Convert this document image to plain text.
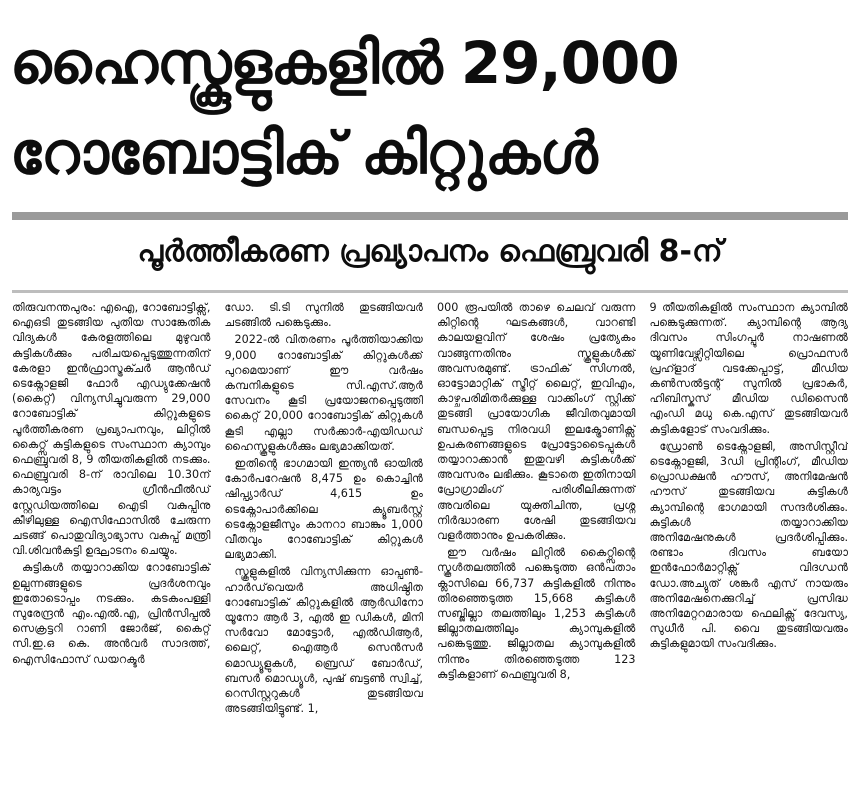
ഹൈസ്കൂളുകളിൽ 29,000
റോബോട്ടിക് കിറ്റുകൾ
പൂർത്തീകരണ പ്രഖ്യാപനം ഫെബ്രുവരി 8-ന്

തിരുവനന്തപുരം: എഐ, റോബോട്ടിക്സ്, ഐഒടി തുടങ്ങിയ പുതിയ സാങ്കേതിക വിദ്യകൾ കേരളത്തിലെ മുഴുവൻ കുട്ടികൾക്കും പരിചയപ്പെടുത്തുന്നതിന് കേരളാ ഇൻഫ്രാസ്ട്രക്ചർ ആൻഡ് ടെക്നോളജി ഫോർ എഡ്യുക്കേഷൻ (കൈറ്റ്) വിന്യസിച്ചുവരുന്ന 29,000 റോബോട്ടിക് കിറ്റുകളുടെ പൂർത്തീകരണ പ്രഖ്യാപനവും, ലിറ്റിൽ കൈറ്റ്സ് കുട്ടികളുടെ സംസ്ഥാന ക്യാമ്പും ഫെബ്രുവരി 8, 9 തീയതികളിൽ നടക്കും. ഫെബ്രുവരി 8-ന് രാവിലെ 10.30ന് കാര്യവട്ടം ഗ്രീൻഫീൽഡ് സ്റ്റേഡിയത്തിലെ ഐടി വകുപ്പിനു കീഴിലുള്ള ഐസിഫോസിൽ ചേരുന്ന ചടങ്ങ് പൊതുവിദ്യാഭ്യാസ വകുപ്പ് മന്ത്രി വി.ശിവൻകുട്ടി ഉദ്ഘാടനം ചെയ്യും.

കുട്ടികൾ തയ്യാറാക്കിയ റോബോട്ടിക് ഉല്പന്നങ്ങളുടെ പ്രദർശനവും ഇതോടൊപ്പം നടക്കും. കടകംപള്ളി സുരേന്ദ്രൻ എം.എൽ.എ, പ്രിൻസിപ്പൽ സെക്രട്ടറി റാണി ജോർജ്, കൈറ്റ് സി.ഇ.ഒ കെ. അൻവർ സാദത്ത്, ഐസിഫോസ് ഡയറക്ടർ

ഡോ. ടി.ടി സുനിൽ തുടങ്ങിയവർ ചടങ്ങിൽ പങ്കെടുക്കും.

2022-ൽ വിതരണം പൂർത്തിയാക്കിയ 9,000 റോബോട്ടിക് കിറ്റുകൾക്ക് പുറമെയാണ് ഈ വർഷം കമ്പനികളുടെ സി.എസ്.ആർ സേവനം കൂടി പ്രയോജനപ്പെടുത്തി കൈറ്റ് 20,000 റോബോട്ടിക് കിറ്റുകൾ കൂടി എല്ലാ സർക്കാർ-എയിഡഡ് ഹൈസ്കൂളുകൾക്കും ലഭ്യമാക്കിയത്.

ഇതിന്റെ ഭാഗമായി ഇന്ത്യൻ ഓയിൽ കോർപറേഷൻ 8,475 ഉം കൊച്ചിൻ ഷിപ്പ്യാർഡ് 4,615 ഉം ടെക്നോപാർക്കിലെ ക്യൂബർസ്റ്റ് ടെക്നോളജീസും കാനറാ ബാങ്കും 1,000 വീതവും റോബോട്ടിക് കിറ്റുകൾ ലഭ്യമാക്കി.

സ്കൂളുകളിൽ വിന്യസിക്കുന്ന ഓപ്പൺ- ഹാർഡ്‌വെയർ അധിഷ്ഠിത റോബോട്ടിക് കിറ്റുകളിൽ ആർഡിനോ യൂനോ ആർ 3, എൽ ഇ ഡികൾ, മിനി സർവോ മോട്ടോർ, എൽഡിആർ, ലൈറ്റ്, ഐആർ സെൻസർ മൊഡ്യൂളുകൾ, ബ്രെഡ് ബോർഡ്, ബസർ മൊഡ്യൂൾ, പുഷ് ബട്ടൺ സ്വിച്ച്, റെസിസ്റ്ററുകൾ തുടങ്ങിയവ അടങ്ങിയിട്ടുണ്ട്. 1,

000 രൂപയിൽ താഴെ ചെലവ് വരുന്ന കിറ്റിന്റെ ഘടകങ്ങൾ, വാറണ്ടി കാലയളവിന് ശേഷം പ്രത്യേകം വാങ്ങുന്നതിനും സ്കൂളുകൾക്ക് അവസരമുണ്ട്. ട്രാഫിക് സിഗ്നൽ, ഓട്ടോമാറ്റിക് സ്ട്രീറ്റ് ലൈറ്റ്, ഇവിഎം, കാഴ്ചപരിമിതർക്കുള്ള വാക്കിംഗ് സ്റ്റിക്ക് തുടങ്ങി പ്രായോഗിക ജീവിതവുമായി ബന്ധപ്പെട്ട നിരവധി ഇലക്ട്രോണിക്സ് ഉപകരണങ്ങളുടെ പ്രോട്ടോടൈപ്പുകൾ തയ്യാറാക്കാൻ ഇതുവഴി കുട്ടികൾക്ക് അവസരം ലഭിക്കും. കൂടാതെ ഇതിനായി പ്രോഗ്രാമിംഗ് പരിശീലിക്കുന്നത് അവരിലെ യുക്തിചിന്ത, പ്രശ്ന നിർദ്ധാരണ ശേഷി തുടങ്ങിയവ വളർത്താനും ഉപകരിക്കും.

ഈ വർഷം ലിറ്റിൽ കൈറ്റ്സിന്റെ സ്കൂൾതലത്തിൽ പങ്കെടുത്ത ഒൻപതാം ക്ലാസിലെ 66,737 കുട്ടികളിൽ നിന്നും തിരഞ്ഞെടുത്ത 15,668 കുട്ടികൾ സബ്ജില്ലാ തലത്തിലും 1,253 കുട്ടികൾ ജില്ലാതലത്തിലും ക്യാമ്പുകളിൽ പങ്കെടുത്തു. ജില്ലാതല ക്യാമ്പുകളിൽ നിന്നും തിരഞ്ഞെടുത്ത 123 കുട്ടികളാണ് ഫെബ്രുവരി 8,

9 തീയതികളിൽ സംസ്ഥാന ക്യാമ്പിൽ പങ്കെടുക്കുന്നത്. ക്യാമ്പിന്റെ ആദ്യ ദിവസം സിംഗപ്പൂർ നാഷണൽ യൂണിവേഴ്സിറ്റിയിലെ പ്രൊഫസർ പ്രഹ്ളാദ് വടക്കേപ്പാട്ട്, മീഡിയ കൺസൽട്ടന്റ് സുനിൽ പ്രഭാകർ, ഹിബിസ്കസ് മീഡിയ ഡിസൈൻ എംഡി മധു കെ.എസ് തുടങ്ങിയവർ കുട്ടികളോട് സംവദിക്കും.

ഡ്രോൺ ടെക്നോളജി, അസിസ്റ്റീവ് ടെക്നോളജി, 3ഡി പ്രിന്റിംഗ്, മീഡിയ പ്രൊഡക്ഷൻ ഹൗസ്, അനിമേഷൻ ഹൗസ് തുടങ്ങിയവ കുട്ടികൾ ക്യാമ്പിന്റെ ഭാഗമായി സന്ദർശിക്കും. കുട്ടികൾ തയ്യാറാക്കിയ അനിമേഷനുകൾ പ്രദർശിപ്പിക്കും. രണ്ടാം ദിവസം ബയോ ഇൻഫോർമാറ്റിക്സ് വിദഗ്ധൻ ഡോ.അച്യുത് ശങ്കർ എസ് നായരും അനിമേഷനെക്കുറിച്ച് പ്രസിദ്ധ അനിമേറ്ററമാരായ ഫെലിക്സ് ദേവസ്യ, സുധീർ പി. വൈ തുടങ്ങിയവരും കുട്ടികളുമായി സംവദിക്കും.
